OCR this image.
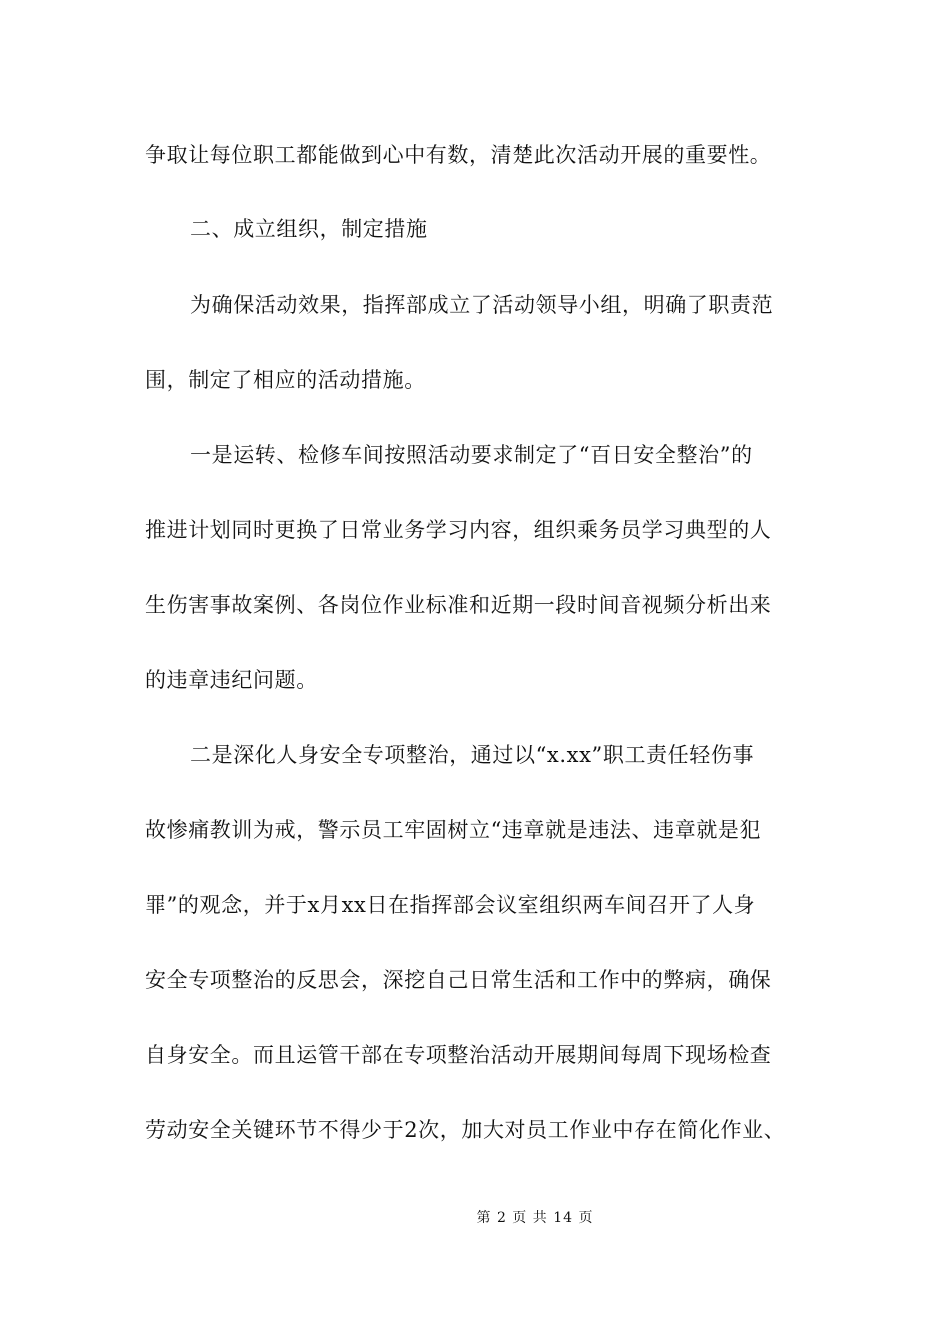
争取让每位职工都能做到心中有数，清楚此次活动开展的重要性。
二、成立组织，制定措施
为确保活动效果，指挥部成立了活动领导小组，明确了职责范
围，制定了相应的活动措施。
一是运转、检修车间按照活动要求制定了“百日安全整治”的
推进计划同时更换了日常业务学习内容，组织乘务员学习典型的人
生伤害事故案例、各岗位作业标准和近期一段时间音视频分析出来
的违章违纪问题。
二是深化人身安全专项整治，通过以“x.xx”职工责任轻伤事
故惨痛教训为戒，警示员工牢固树立“违章就是违法、违章就是犯
罪”的观念，并于x月xx日在指挥部会议室组织两车间召开了人身
安全专项整治的反思会，深挖自己日常生活和工作中的弊病，确保
自身安全。而且运管干部在专项整治活动开展期间每周下现场检查
劳动安全关键环节不得少于2次，加大对员工作业中存在简化作业、
第 2 页 共 14 页
